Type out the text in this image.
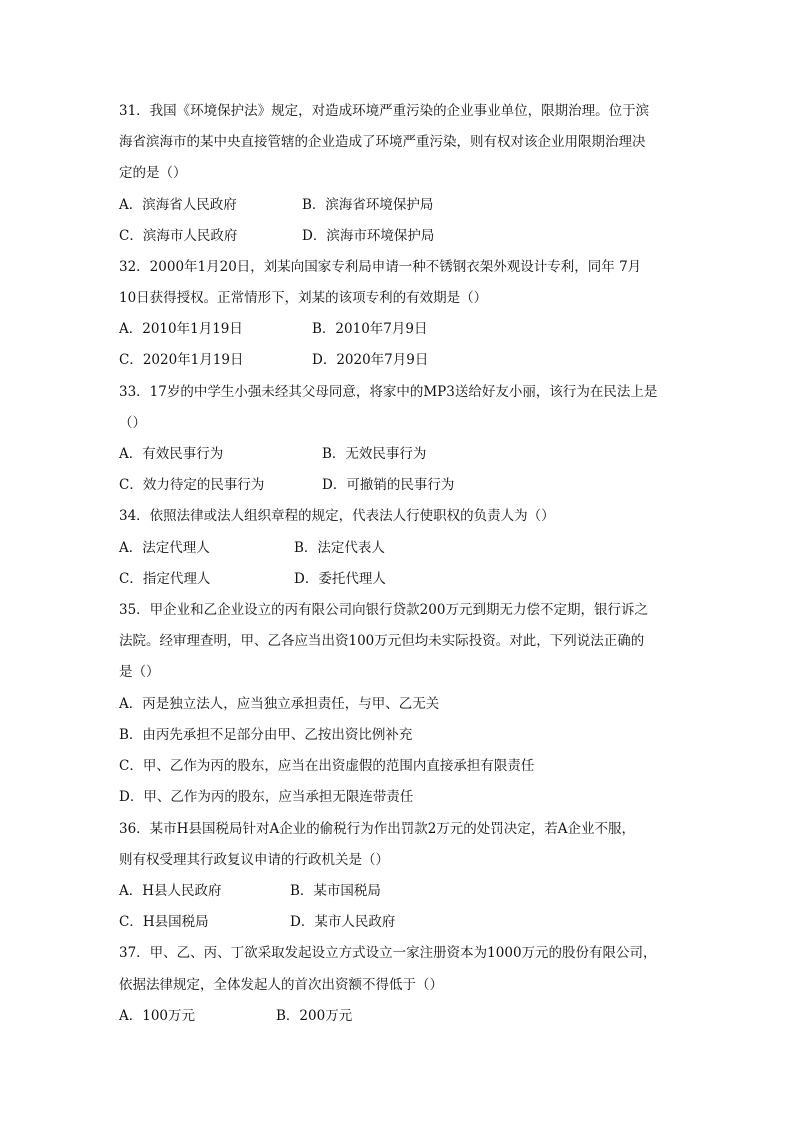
31．我国《环境保护法》规定，对造成环境严重污染的企业事业单位，限期治理。位于滨
海省滨海市的某中央直接管辖的企业造成了环境严重污染，则有权对该企业用限期治理决
定的是（）
A．滨海省人民政府	B．滨海省环境保护局
C．滨海市人民政府	D．滨海市环境保护局
32．2000年1月20日，刘某向国家专利局申请一种不锈钢衣架外观设计专利，同年 7月
10日获得授权。正常情形下，刘某的该项专利的有效期是（）
A．2010年1月19日	B．2010年7月9日
C．2020年1月19日	D．2020年7月9日
33．17岁的中学生小强未经其父母同意，将家中的MP3送给好友小丽，该行为在民法上是
（）
A．有效民事行为	B．无效民事行为
C．效力待定的民事行为	D．可撤销的民事行为
34．依照法律或法人组织章程的规定，代表法人行使职权的负责人为（）
A．法定代理人	B．法定代表人
C．指定代理人	D．委托代理人
35．甲企业和乙企业设立的丙有限公司向银行贷款200万元到期无力偿不定期，银行诉之
法院。经审理查明，甲、乙各应当出资100万元但均未实际投资。对此，下列说法正确的
是（）
A．丙是独立法人，应当独立承担责任，与甲、乙无关
B．由丙先承担不足部分由甲、乙按出资比例补充
C．甲、乙作为丙的股东，应当在出资虚假的范围内直接承担有限责任
D．甲、乙作为丙的股东，应当承担无限连带责任
36．某市H县国税局针对A企业的偷税行为作出罚款2万元的处罚决定，若A企业不服，
则有权受理其行政复议申请的行政机关是（）
A．H县人民政府	B．某市国税局
C．H县国税局	D．某市人民政府
37．甲、乙、丙、丁欲采取发起设立方式设立一家注册资本为1000万元的股份有限公司，
依据法律规定，全体发起人的首次出资额不得低于（）
A．100万元	B．200万元
